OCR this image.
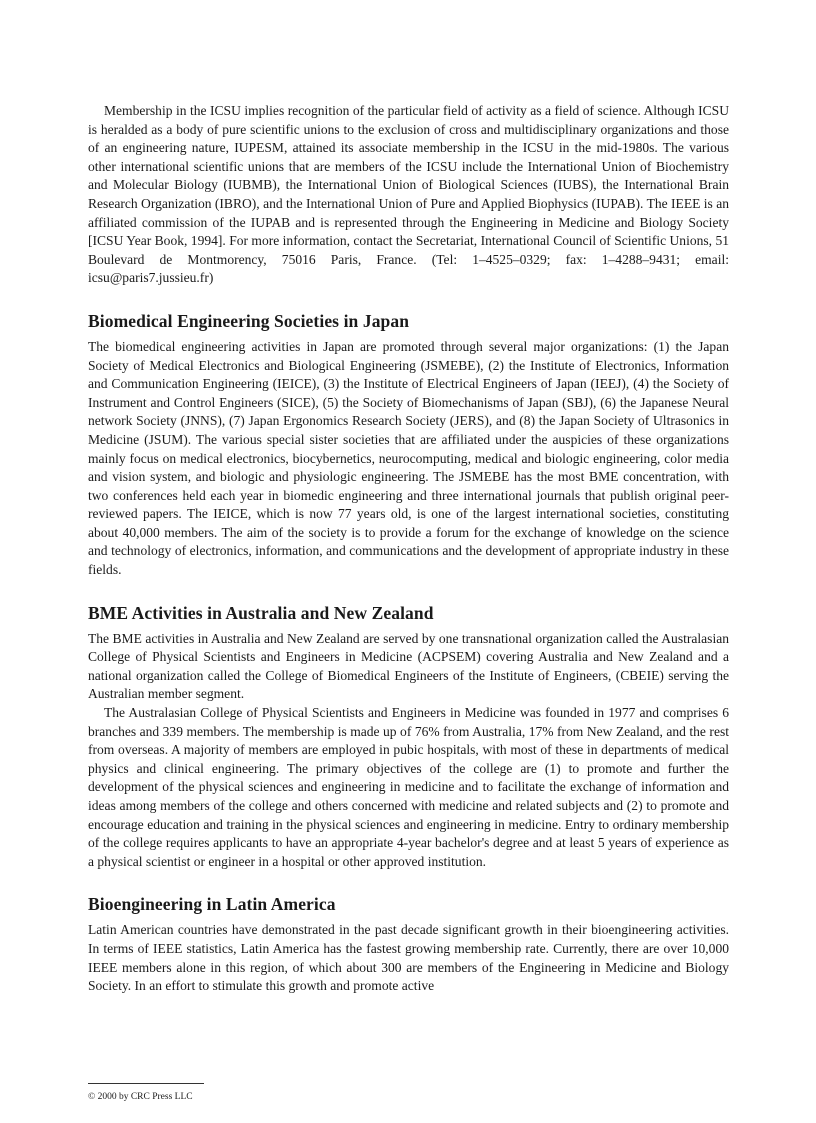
Membership in the ICSU implies recognition of the particular field of activity as a field of science. Although ICSU is heralded as a body of pure scientific unions to the exclusion of cross and multidisciplinary organizations and those of an engineering nature, IUPESM, attained its associate membership in the ICSU in the mid-1980s. The various other international scientific unions that are members of the ICSU include the International Union of Biochemistry and Molecular Biology (IUBMB), the International Union of Biological Sciences (IUBS), the International Brain Research Organization (IBRO), and the International Union of Pure and Applied Biophysics (IUPAB). The IEEE is an affiliated commission of the IUPAB and is represented through the Engineering in Medicine and Biology Society [ICSU Year Book, 1994]. For more information, contact the Secretariat, International Council of Scientific Unions, 51 Boulevard de Montmorency, 75016 Paris, France. (Tel: 1–4525–0329; fax: 1–4288–9431; email: icsu@paris7.jussieu.fr)

Biomedical Engineering Societies in Japan

The biomedical engineering activities in Japan are promoted through several major organizations: (1) the Japan Society of Medical Electronics and Biological Engineering (JSMEBE), (2) the Institute of Electronics, Information and Communication Engineering (IEICE), (3) the Institute of Electrical Engineers of Japan (IEEJ), (4) the Society of Instrument and Control Engineers (SICE), (5) the Society of Biomechanisms of Japan (SBJ), (6) the Japanese Neural network Society (JNNS), (7) Japan Ergonomics Research Society (JERS), and (8) the Japan Society of Ultrasonics in Medicine (JSUM). The various special sister societies that are affiliated under the auspicies of these organizations mainly focus on medical electronics, biocybernetics, neurocomputing, medical and biologic engineering, color media and vision system, and biologic and physiologic engineering. The JSMEBE has the most BME concentration, with two conferences held each year in biomedic engineering and three international journals that publish original peer-reviewed papers. The IEICE, which is now 77 years old, is one of the largest international societies, constituting about 40,000 members. The aim of the society is to provide a forum for the exchange of knowledge on the science and technology of electronics, information, and communications and the development of appropriate industry in these fields.

BME Activities in Australia and New Zealand

The BME activities in Australia and New Zealand are served by one transnational organization called the Australasian College of Physical Scientists and Engineers in Medicine (ACPSEM) covering Australia and New Zealand and a national organization called the College of Biomedical Engineers of the Institute of Engineers, (CBEIE) serving the Australian member segment.

The Australasian College of Physical Scientists and Engineers in Medicine was founded in 1977 and comprises 6 branches and 339 members. The membership is made up of 76% from Australia, 17% from New Zealand, and the rest from overseas. A majority of members are employed in pubic hospitals, with most of these in departments of medical physics and clinical engineering. The primary objectives of the college are (1) to promote and further the development of the physical sciences and engineering in medicine and to facilitate the exchange of information and ideas among members of the college and others concerned with medicine and related subjects and (2) to promote and encourage education and training in the physical sciences and engineering in medicine. Entry to ordinary membership of the college requires applicants to have an appropriate 4-year bachelor's degree and at least 5 years of experience as a physical scientist or engineer in a hospital or other approved institution.

Bioengineering in Latin America

Latin American countries have demonstrated in the past decade significant growth in their bioengineering activities. In terms of IEEE statistics, Latin America has the fastest growing membership rate. Currently, there are over 10,000 IEEE members alone in this region, of which about 300 are members of the Engineering in Medicine and Biology Society. In an effort to stimulate this growth and promote active

© 2000 by CRC Press LLC
